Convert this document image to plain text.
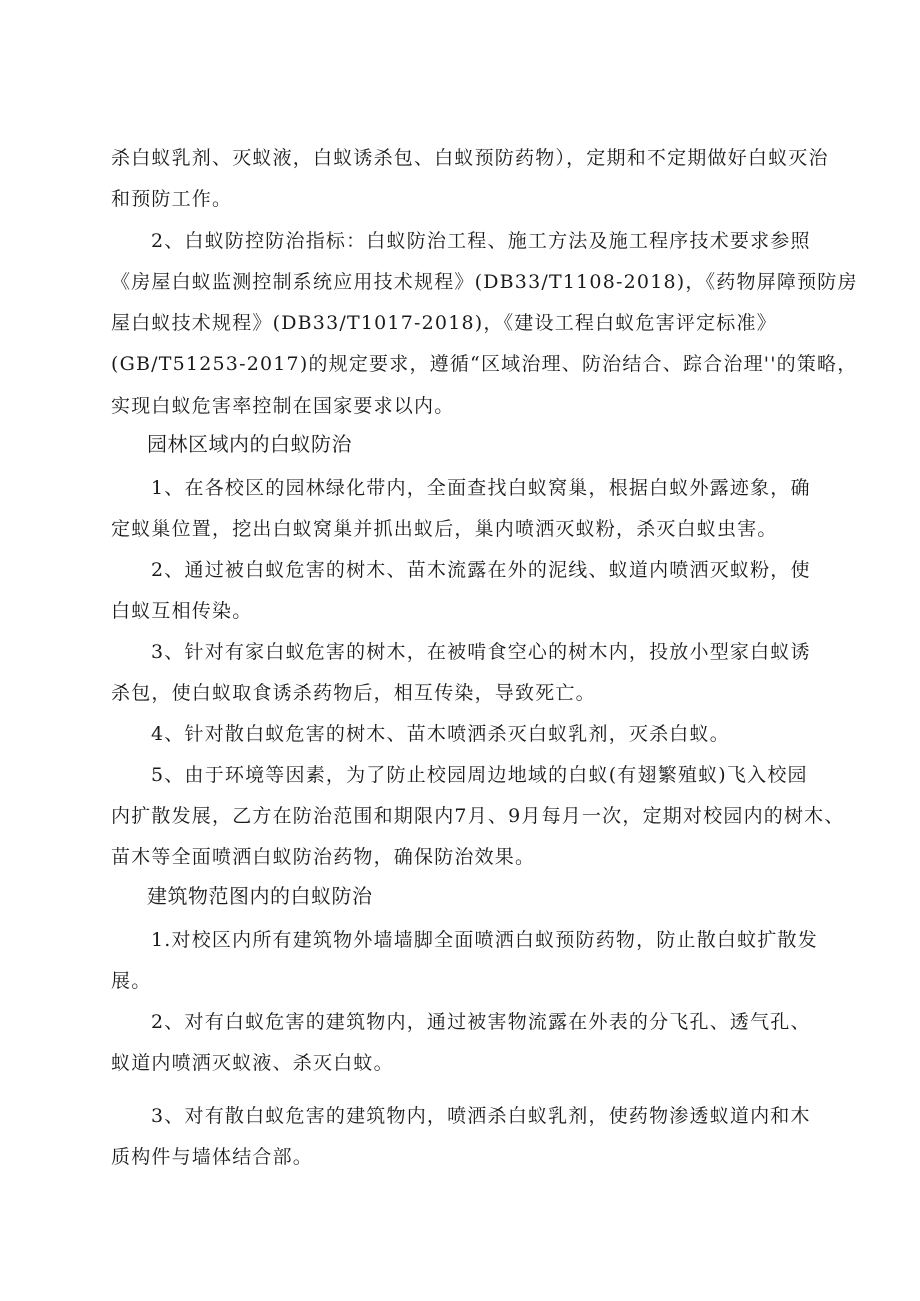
杀白蚁乳剂、灭蚁液，白蚁诱杀包、白蚁预防药物），定期和不定期做好白蚁灭治
和预防工作。
2、白蚁防控防治指标：白蚁防治工程、施工方法及施工程序技术要求参照
《房屋白蚁监测控制系统应用技术规程》(DB33/T1108-2018)，《药物屏障预防房
屋白蚁技术规程》(DB33/T1017-2018)，《建设工程白蚁危害评定标准》
(GB/T51253-2017)的规定要求，遵循“区域治理、防治结合、踪合治理''的策略，
实现白蚁危害率控制在国家要求以内。
园林区域内的白蚁防治
1、在各校区的园林绿化带内，全面查找白蚁窝巢，根据白蚁外露迹象，确
定蚁巢位置，挖出白蚁窝巢并抓出蚁后，巢内喷洒灭蚁粉，杀灭白蚁虫害。
2、通过被白蚁危害的树木、苗木流露在外的泥线、蚁道内喷洒灭蚁粉，使
白蚁互相传染。
3、针对有家白蚁危害的树木，在被啃食空心的树木内，投放小型家白蚁诱
杀包，使白蚁取食诱杀药物后，相互传染，导致死亡。
4、针对散白蚁危害的树木、苗木喷洒杀灭白蚁乳剂，灭杀白蚁。
5、由于环境等因素，为了防止校园周边地域的白蚁(有翅繁殖蚁)飞入校园
内扩散发展，乙方在防治范围和期限内7月、9月每月一次，定期对校园内的树木、
苗木等全面喷洒白蚁防治药物，确保防治效果。
建筑物范图内的白蚁防治
1.对校区内所有建筑物外墙墙脚全面喷洒白蚁预防药物，防止散白蚊扩散发
展。
2、对有白蚁危害的建筑物内，通过被害物流露在外表的分飞孔、透气孔、
蚁道内喷洒灭蚁液、杀灭白蚊。
3、对有散白蚁危害的建筑物内，喷洒杀白蚁乳剂，使药物渗透蚁道内和木
质构件与墙体结合部。
